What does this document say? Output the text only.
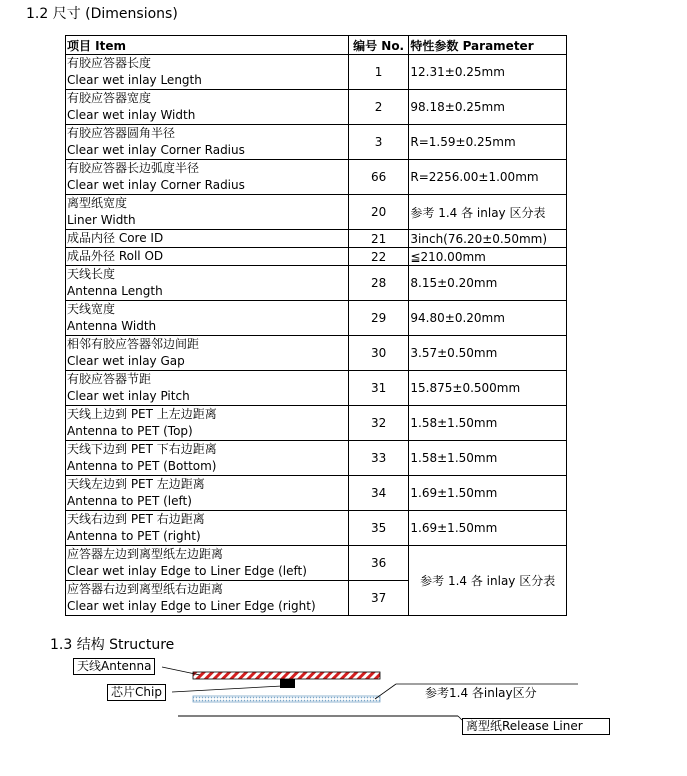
1.2 尺寸 (Dimensions)
项目 Item	编号 No.	特性参数 Parameter

有胶应答器长度
Clear wet inlay Length	1	12.31±0.25mm

有胶应答器宽度
Clear wet inlay Width	2	98.18±0.25mm

有胶应答器圆角半径
Clear wet inlay Corner Radius	3	R=1.59±0.25mm

有胶应答器长边弧度半径
Clear wet inlay Corner Radius	66	R=2256.00±1.00mm

离型纸宽度
Liner Width	20	参考 1.4 各 inlay 区分表

成品内径 Core ID	21	3inch(76.20±0.50mm)

成品外径 Roll OD	22	≦210.00mm

天线长度
Antenna Length	28	8.15±0.20mm

天线宽度
Antenna Width	29	94.80±0.20mm

相邻有胶应答器邻边间距
Clear wet inlay Gap	30	3.57±0.50mm

有胶应答器节距
Clear wet inlay Pitch	31	15.875±0.500mm

天线上边到 PET 上左边距离
Antenna to PET (Top)	32	1.58±1.50mm

天线下边到 PET 下右边距离
Antenna to PET (Bottom)	33	1.58±1.50mm

天线左边到 PET 左边距离
Antenna to PET (left)	34	1.69±1.50mm

天线右边到 PET 右边距离
Antenna to PET (right)	35	1.69±1.50mm

应答器左边到离型纸左边距离
Clear wet inlay Edge to Liner Edge (left)	36	参考 1.4 各 inlay 区分表

应答器右边到离型纸右边距离
Clear wet inlay Edge to Liner Edge (right)	37	
1.3 结构 Structure
天线Antenna
芯片Chip	参考1.4 各inlay区分
离型纸Release Liner
